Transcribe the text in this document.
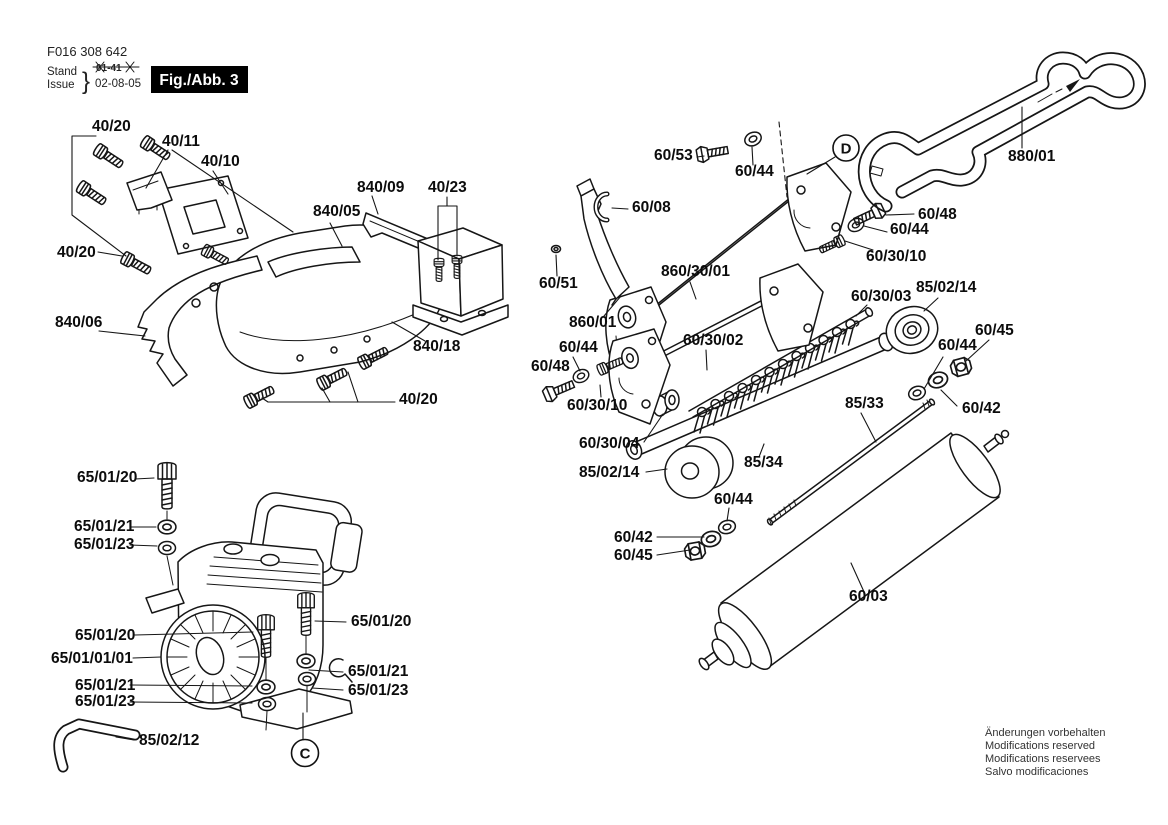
40/20
40/11
40/10
840/09 40/23
840/05
40/20
840/06
840/18
40/20
60/53
60/44
880/01
60/08	60/48
60/44
60/30/10
60/51
860/30/01
860/01
60/30/03
85/02/14
60/45
60/44
60/44
60/48
60/30/02
60/42
85/33
60/30/10
60/30/04
85/02/14
85/34
60/44
60/42
60/45
60/03
65/01/20
65/01/21
65/01/23
65/01/20
65/01/20
65/01/01/01
65/01/21
65/01/21	65/01/23
65/01/23
85/02/12
D
C
F016 308 642
Stand
Issue } 01-41
02-08-05 Fig./Abb. 3
Änderungen vorbehalten
Modifications reserved
Modifications reservees
Salvo modificaciones
